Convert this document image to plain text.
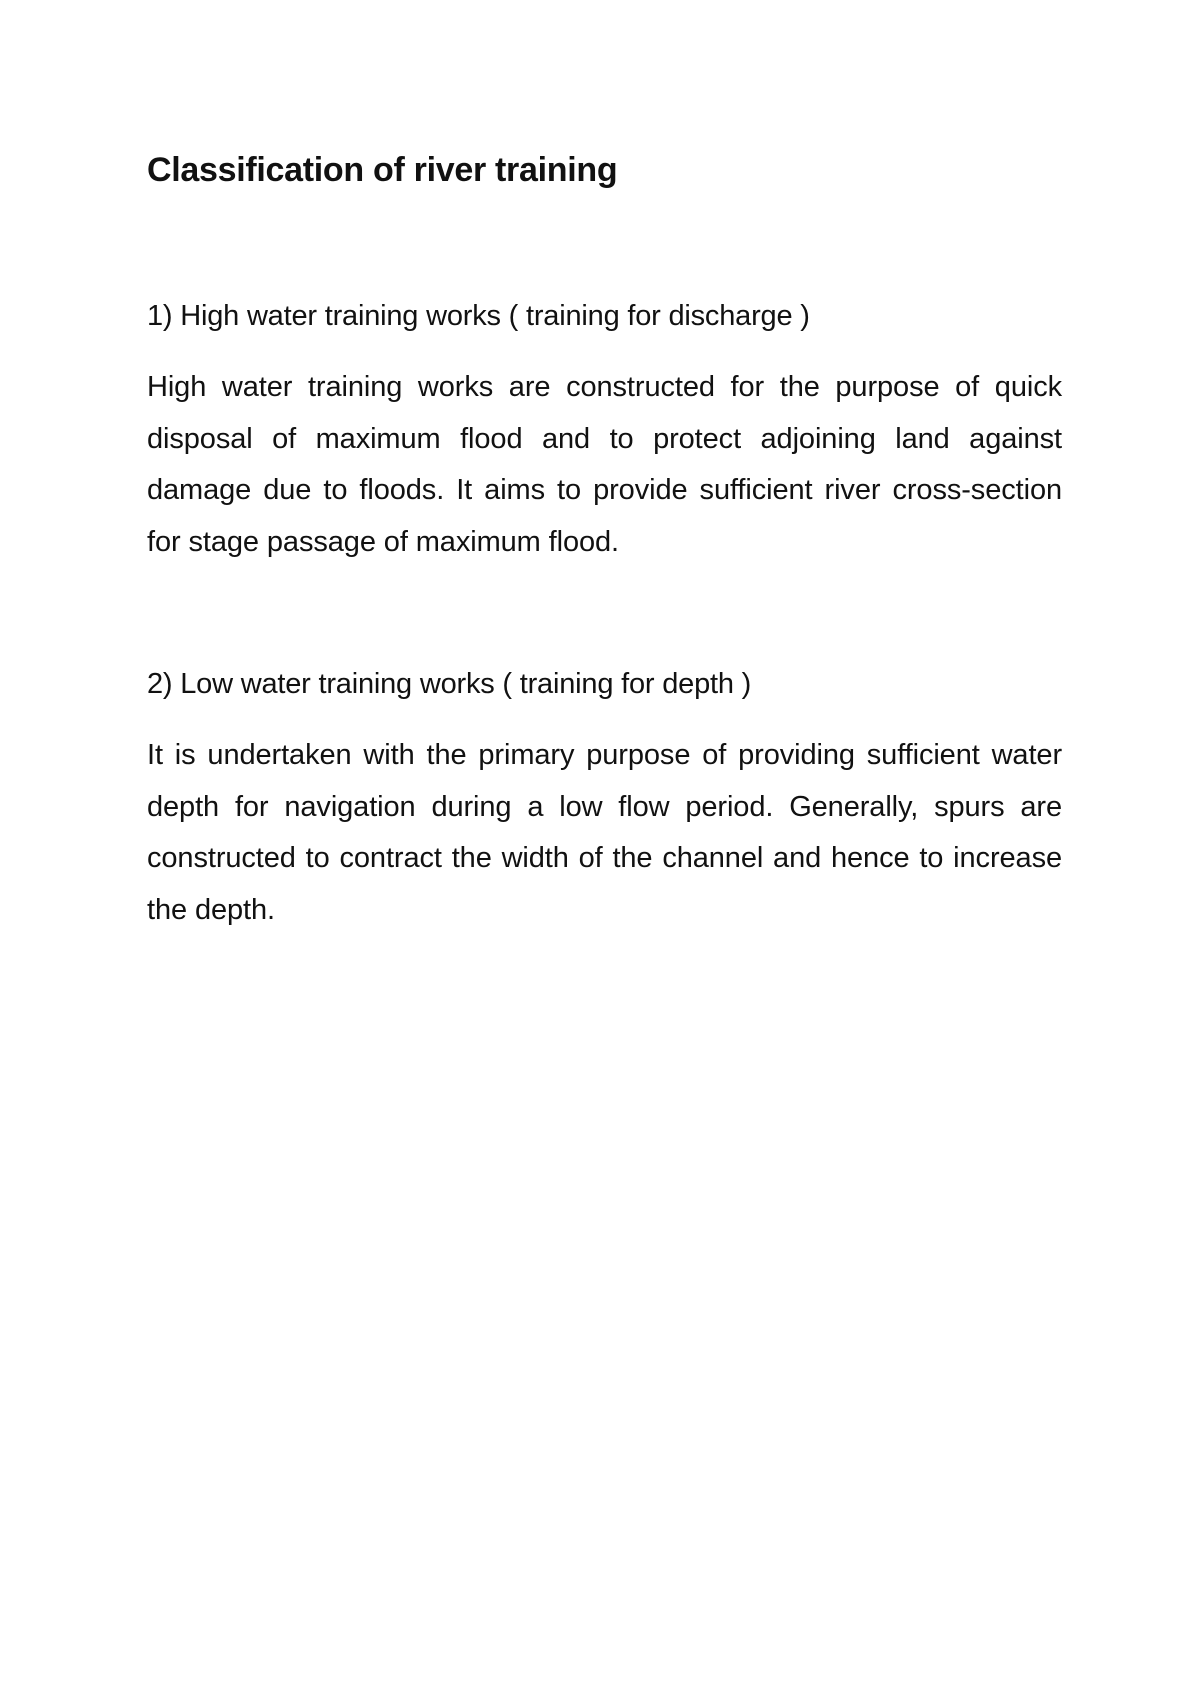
Classification of river training

1) High water training works ( training for discharge )

High water training works are constructed for the purpose of quick disposal of maximum flood and to protect adjoining land against damage due to floods. It aims to provide sufficient river cross-section for stage passage of maximum flood.

2) Low water training works ( training for depth )

It is undertaken with the primary purpose of providing sufficient water depth for navigation during a low flow period. Generally, spurs are constructed to contract the width of the channel and hence to increase the depth.
